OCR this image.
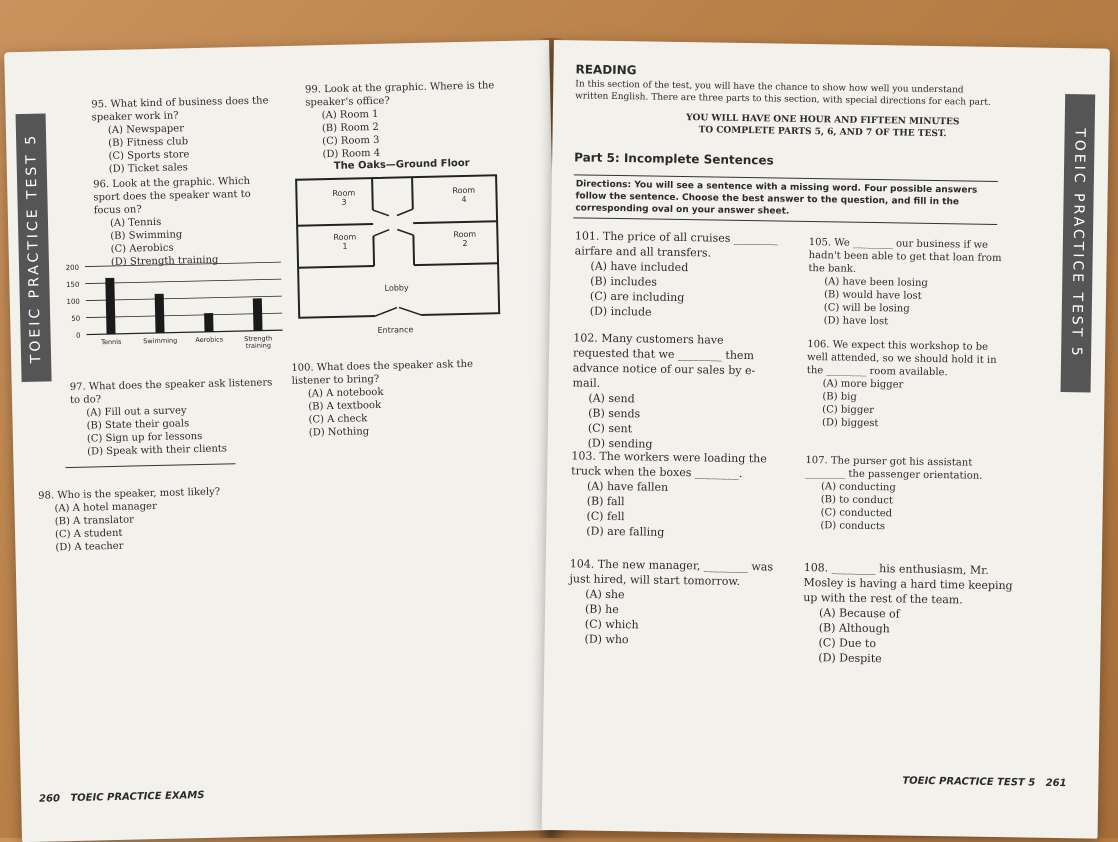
TOEIC PRACTICE TEST 5
95. What kind of business does the speaker work in?
(A) Newspaper
(B) Fitness club
(C) Sports store
(D) Ticket sales
96. Look at the graphic. Which sport does the speaker want to focus on?
(A) Tennis
(B) Swimming
(C) Aerobics
(D) Strength training
0
50
100
150
200
Tennis	Swimming	Aerobics	Strength
training
97. What does the speaker ask listeners to do?
(A) Fill out a survey
(B) State their goals
(C) Sign up for lessons
(D) Speak with their clients
98. Who is the speaker, most likely?
(A) A hotel manager
(B) A translator
(C) A student
(D) A teacher
99. Look at the graphic. Where is the speaker's office?
(A) Room 1
(B) Room 2
(C) Room 3
(D) Room 4
The Oaks—Ground Floor
Room
3
Room
4
Room
1
Room
2
Lobby
Entrance
100. What does the speaker ask the listener to bring?
(A) A notebook
(B) A textbook
(C) A check
(D) Nothing
260 TOEIC PRACTICE EXAMS
TOEIC PRACTICE TEST 5
READING
In this section of the test, you will have the chance to show how well you understand written English. There are three parts to this section, with special directions for each part.
YOU WILL HAVE ONE HOUR AND FIFTEEN MINUTES
TO COMPLETE PARTS 5, 6, AND 7 OF THE TEST.
Part 5: Incomplete Sentences
Directions: You will see a sentence with a missing word. Four possible answers follow the sentence. Choose the best answer to the question, and fill in the corresponding oval on your answer sheet.
101. The price of all cruises ________ airfare and all transfers.
(A) have included
(B) includes
(C) are including
(D) include
102. Many customers have requested that we ________ them advance notice of our sales by e-mail.
(A) send
(B) sends
(C) sent
(D) sending
103. The workers were loading the truck when the boxes ________.
(A) have fallen
(B) fall
(C) fell
(D) are falling
104. The new manager, ________ was just hired, will start tomorrow.
(A) she
(B) he
(C) which
(D) who
105. We ________ our business if we hadn't been able to get that loan from the bank.
(A) have been losing
(B) would have lost
(C) will be losing
(D) have lost
106. We expect this workshop to be well attended, so we should hold it in the ________ room available.
(A) more bigger
(B) big
(C) bigger
(D) biggest
107. The purser got his assistant ________ the passenger orientation.
(A) conducting
(B) to conduct
(C) conducted
(D) conducts
108. ________ his enthusiasm, Mr. Mosley is having a hard time keeping up with the rest of the team.
(A) Because of
(B) Although
(C) Due to
(D) Despite
TOEIC PRACTICE TEST 5 261
